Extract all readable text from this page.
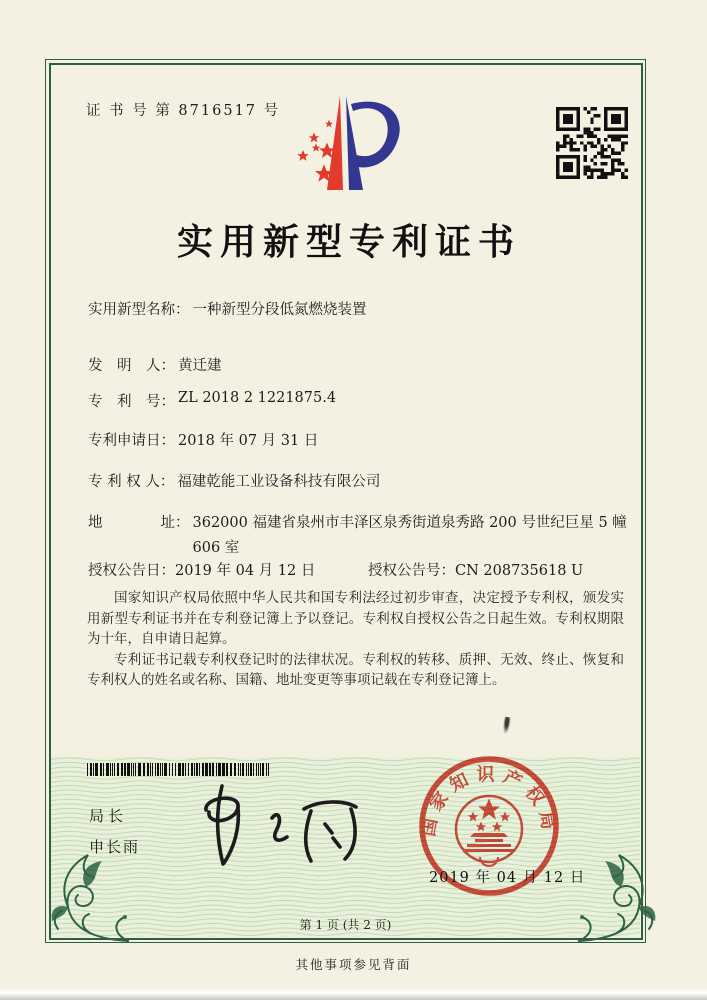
证 书 号 第 8716517 号
实用新型专利证书
实用新型名称： 一种新型分段低氮燃烧装置
发　明　人： 黄迁建
专　利　号： ZL 2018 2 1221875.4
专利申请日： 2018 年 07 月 31 日
专 利 权 人： 福建乾能工业设备科技有限公司
地　　　　址： 362000 福建省泉州市丰泽区泉秀街道泉秀路 200 号世纪巨星 5 幢 606 室
授权公告日：2019 年 04 月 12 日	授权公告号：CN 208735618 U

国家知识产权局依照中华人民共和国专利法经过初步审查，决定授予专利权，颁发实用新型专利证书并在专利登记簿上予以登记。专利权自授权公告之日起生效。专利权期限为十年，自申请日起算。

专利证书记载专利权登记时的法律状况。专利权的转移、质押、无效、终止、恢复和专利权人的姓名或名称、国籍、地址变更等事项记载在专利登记簿上。

局长
申长雨
国家知识产权局
2019 年 04 月 12 日
第 1 页 (共 2 页)
其他事项参见背面
